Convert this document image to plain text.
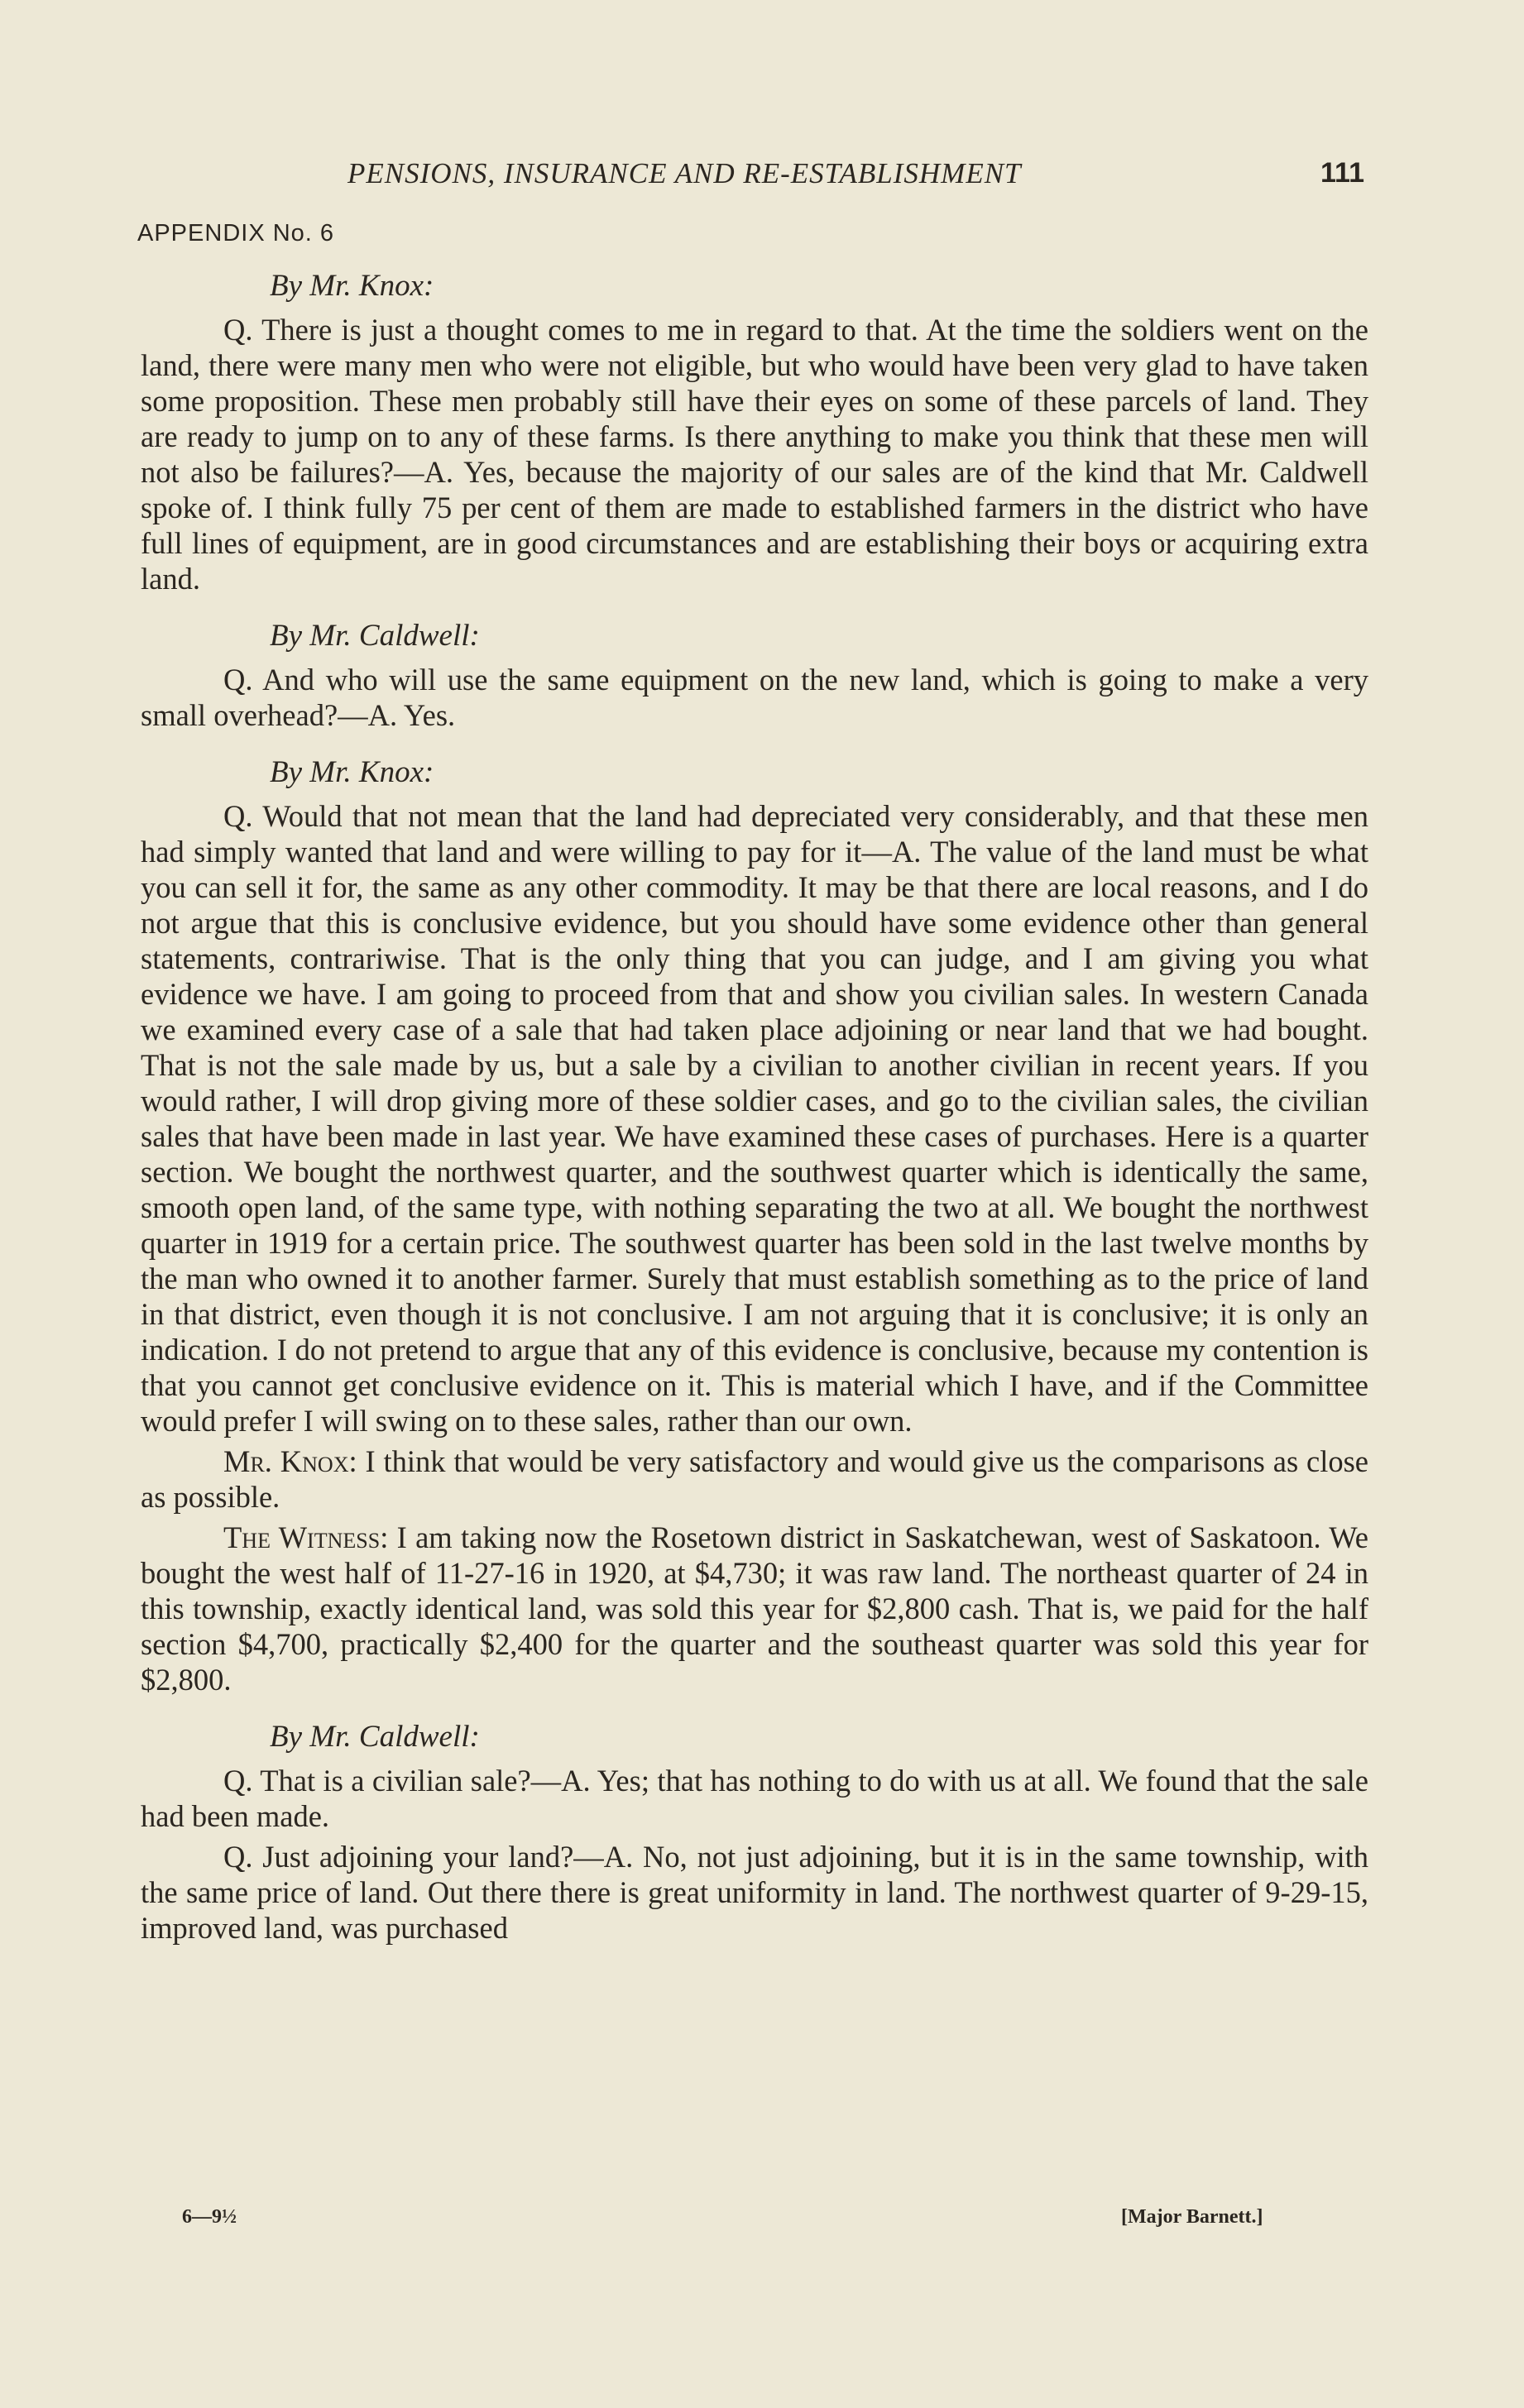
PENSIONS, INSURANCE AND RE-ESTABLISHMENT	111
APPENDIX No. 6
By Mr. Knox:

Q. There is just a thought comes to me in regard to that. At the time the soldiers went on the land, there were many men who were not eligible, but who would have been very glad to have taken some proposition. These men probably still have their eyes on some of these parcels of land. They are ready to jump on to any of these farms. Is there anything to make you think that these men will not also be failures?—A. Yes, because the majority of our sales are of the kind that Mr. Caldwell spoke of. I think fully 75 per cent of them are made to established farmers in the district who have full lines of equipment, are in good circumstances and are establishing their boys or acquiring extra land.

By Mr. Caldwell:

Q. And who will use the same equipment on the new land, which is going to make a very small overhead?—A. Yes.

By Mr. Knox:

Q. Would that not mean that the land had depreciated very considerably, and that these men had simply wanted that land and were willing to pay for it—A. The value of the land must be what you can sell it for, the same as any other commodity. It may be that there are local reasons, and I do not argue that this is conclusive evidence, but you should have some evidence other than general statements, contrariwise. That is the only thing that you can judge, and I am giving you what evidence we have. I am going to proceed from that and show you civilian sales. In western Canada we examined every case of a sale that had taken place adjoining or near land that we had bought. That is not the sale made by us, but a sale by a civilian to another civilian in recent years. If you would rather, I will drop giving more of these soldier cases, and go to the civilian sales, the civilian sales that have been made in last year. We have examined these cases of purchases. Here is a quarter section. We bought the northwest quarter, and the southwest quarter which is identically the same, smooth open land, of the same type, with nothing separating the two at all. We bought the northwest quarter in 1919 for a certain price. The southwest quarter has been sold in the last twelve months by the man who owned it to another farmer. Surely that must establish something as to the price of land in that district, even though it is not conclusive. I am not arguing that it is conclusive; it is only an indication. I do not pretend to argue that any of this evidence is conclusive, because my contention is that you cannot get conclusive evidence on it. This is material which I have, and if the Committee would prefer I will swing on to these sales, rather than our own.

Mr. Knox: I think that would be very satisfactory and would give us the comparisons as close as possible.

The Witness: I am taking now the Rosetown district in Saskatchewan, west of Saskatoon. We bought the west half of 11-27-16 in 1920, at $4,730; it was raw land. The northeast quarter of 24 in this township, exactly identical land, was sold this year for $2,800 cash. That is, we paid for the half section $4,700, practically $2,400 for the quarter and the southeast quarter was sold this year for $2,800.

By Mr. Caldwell:

Q. That is a civilian sale?—A. Yes; that has nothing to do with us at all. We found that the sale had been made.

Q. Just adjoining your land?—A. No, not just adjoining, but it is in the same township, with the same price of land. Out there there is great uniformity in land. The northwest quarter of 9-29-15, improved land, was purchased

6—9½	[Major Barnett.]
